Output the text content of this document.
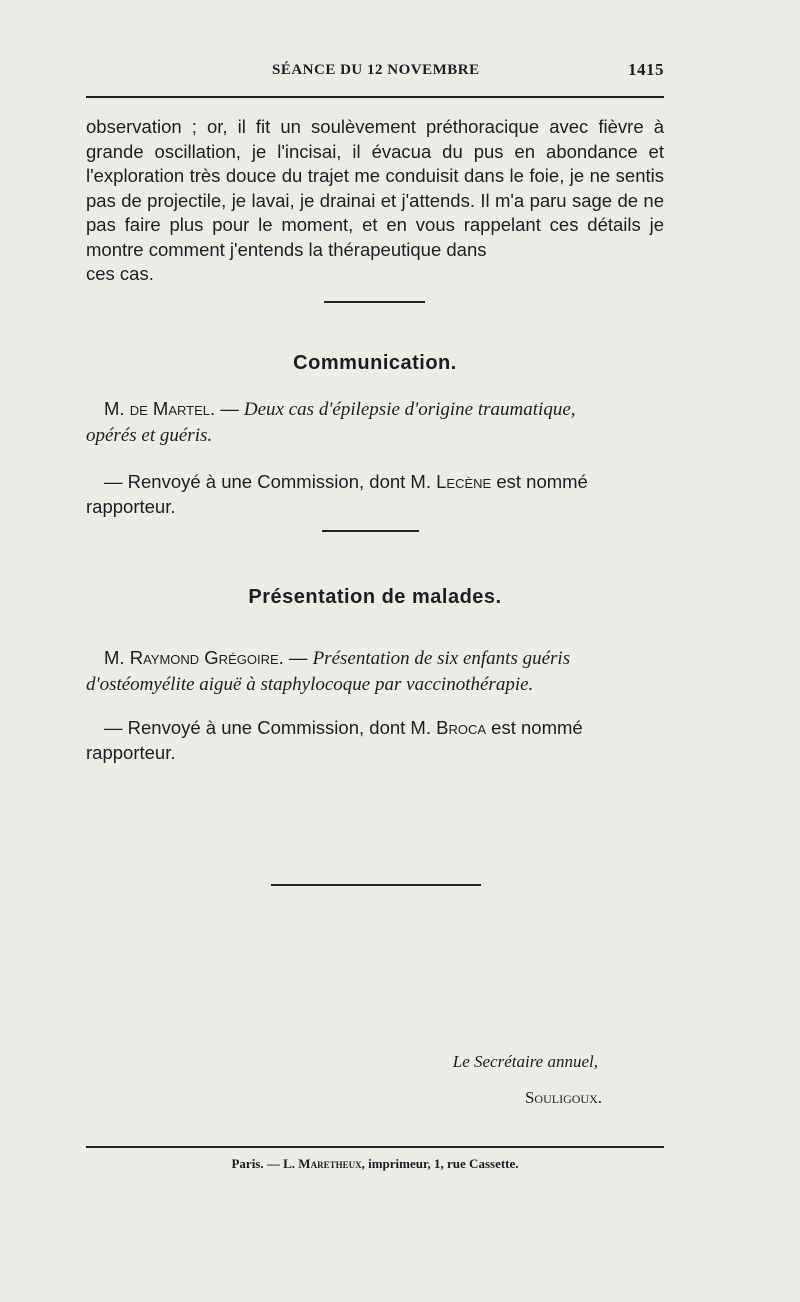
SÉANCE DU 12 NOVEMBRE	1415

observation ; or, il fit un soulèvement préthoracique avec fièvre à grande oscillation, je l'incisai, il évacua du pus en abondance et l'exploration très douce du trajet me conduisit dans le foie, je ne sentis pas de projectile, je lavai, je drainai et j'attends. Il m'a paru sage de ne pas faire plus pour le moment, et en vous rappelant ces détails je montre comment j'entends la thérapeutique dans
ces cas.

Communication.

M. de Martel. — Deux cas d'épilepsie d'origine traumatique,
opérés et guéris.

— Renvoyé à une Commission, dont M. Lecène est nommé
rapporteur.

Présentation de malades.

M. Raymond Grégoire. — Présentation de six enfants guéris
d'ostéomyélite aiguë à staphylocoque par vaccinothérapie.

— Renvoyé à une Commission, dont M. Broca est nommé
rapporteur.

Le Secrétaire annuel,
Souligoux.
Paris. — L. Maretheux, imprimeur, 1, rue Cassette.
